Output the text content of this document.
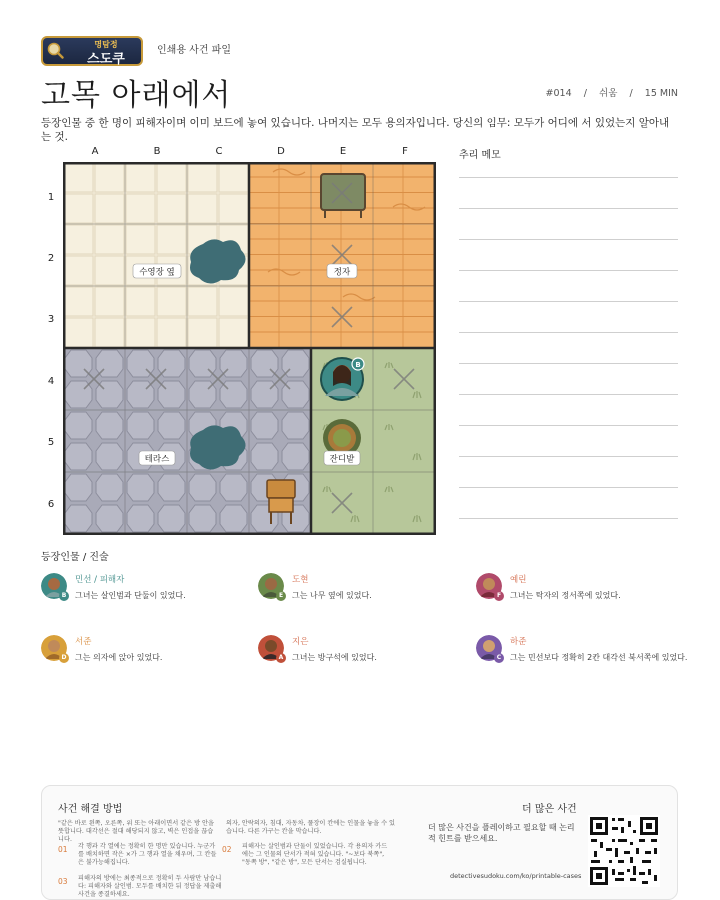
명탐정
스도쿠
인쇄용 사건 파일
고목 아래에서	#014 / 쉬움 / 15 MIN
등장인물 중 한 명이 피해자이며 이미 보드에 놓여 있습니다. 나머지는 모두 용의자입니다. 당신의 임무: 모두가 어디에 서 있었는지 알아내는 것.
A	B	C	D	E	F
1
2
3
4
5
6
B
수영장 옆	정자
테라스	잔디밭
추리 메모
등장인물 / 진술
B
민선 / 피해자
그녀는 살인범과 단둘이 있었다.	E
도현
그는 나무 옆에 있었다.	F
예린
그녀는 탁자의 정서쪽에 있었다.
D
서준
그는 의자에 앉아 있었다.	A
지은
그녀는 방구석에 있었다.	C
하준
그는 민선보다 정확히 2칸 대각선 북서쪽에 있었다.
사건 해결 방법
"같은 바로 왼쪽, 오른쪽, 위 또는 아래이면서 같은 방 안을 뜻합니다. 대각선은 절대 해당되지 않고, 벽은 인접을 끊습니다.
의자, 안락의자, 침대, 자동차, 풀장이 칸에는 인물을 놓을 수 있습니다. 다른 가구는 칸을 막습니다.
01 각 행과 각 열에는 정확히 한 명만 있습니다. 누군가를 배치하면 작은 ×가 그 행과 열을 채우며, 그 칸들은 불가능해집니다.
02 피해자는 살인범과 단둘이 있었습니다. 각 용의자 카드에는 그 인물의 단서가 적혀 있습니다. "~보다 북쪽", "동쪽 방", "같은 방", 모든 단서는 검실됩니다.
03 피해자의 방에는 최종적으로 정확히 두 사람만 남습니다: 피해자와 살인범. 모두를 배치한 뒤 정답을 제출해 사건을 종결하세요.
더 많은 사건
더 많은 사건을 플레이하고 필요할 때 논리적 힌트를 받으세요.
detectivesudoku.com/ko/printable-cases
